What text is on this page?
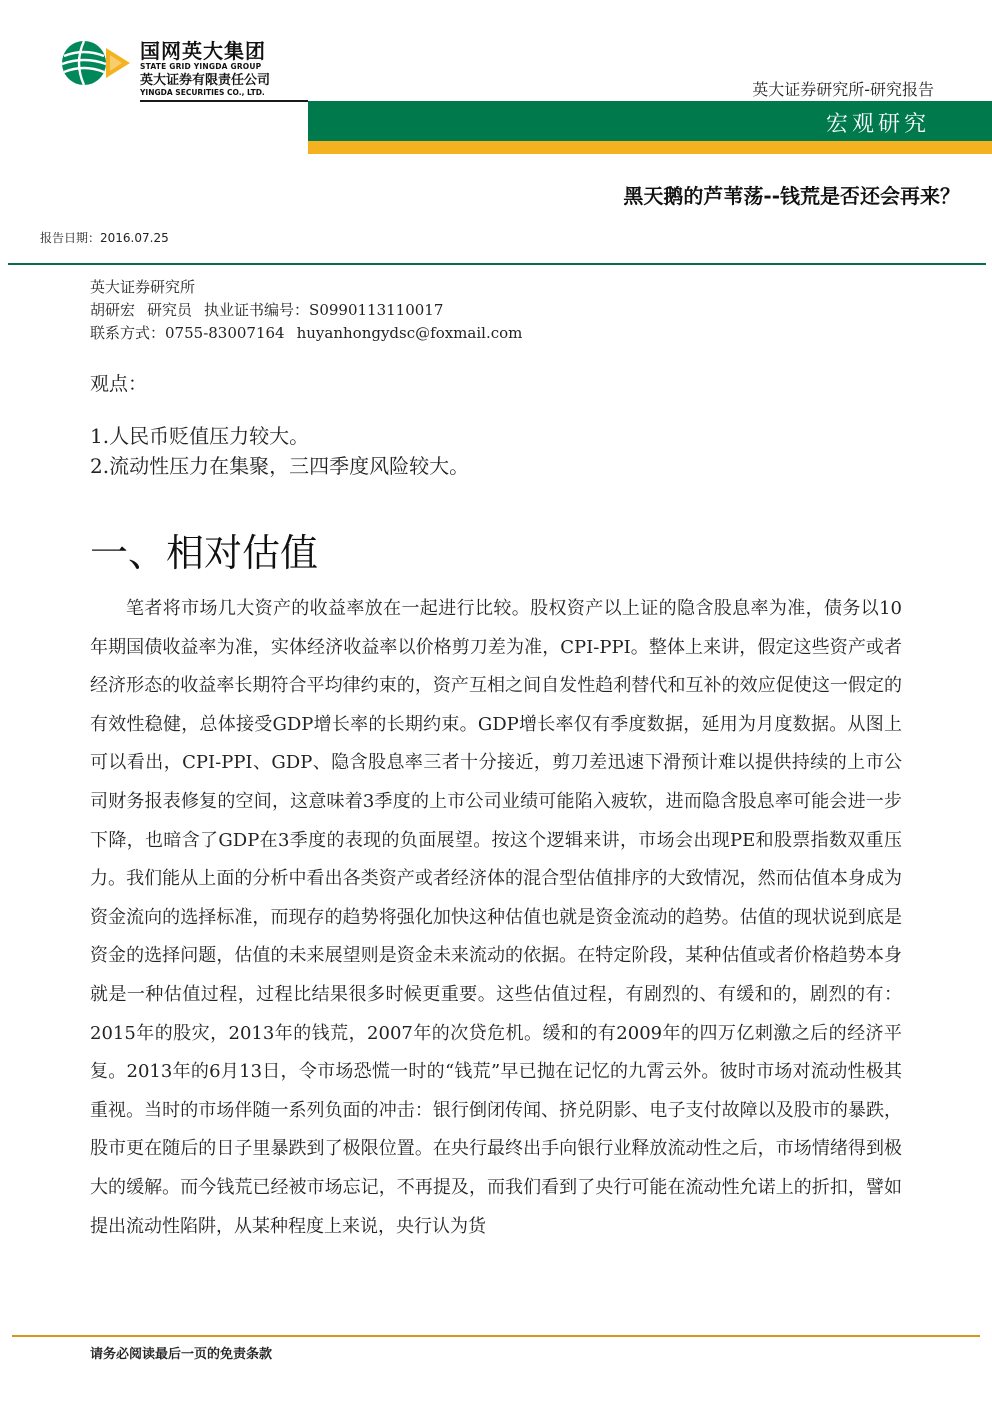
国网英大集团
STATE GRID YINGDA GROUP
英大证券有限责任公司
YINGDA SECURITIES CO., LTD.	英大证券研究所-研究报告
宏观研究
黑天鹅的芦苇荡--钱荒是否还会再来？
报告日期：2016.07.25
英大证券研究所
胡研宏 研究员 执业证书编号：S0990113110017
联系方式：0755-83007164 huyanhongydsc@foxmail.com
观点：
1.人民币贬值压力较大。
2.流动性压力在集聚，三四季度风险较大。
一、相对估值

笔者将市场几大资产的收益率放在一起进行比较。股权资产以上证的隐含股息率为准，债务以10年期国债收益率为准，实体经济收益率以价格剪刀差为准，CPI-PPI。整体上来讲，假定这些资产或者经济形态的收益率长期符合平均律约束的，资产互相之间自发性趋利替代和互补的效应促使这一假定的有效性稳健，总体接受GDP增长率的长期约束。GDP增长率仅有季度数据，延用为月度数据。从图上可以看出，CPI-PPI、GDP、隐含股息率三者十分接近，剪刀差迅速下滑预计难以提供持续的上市公司财务报表修复的空间，这意味着3季度的上市公司业绩可能陷入疲软，进而隐含股息率可能会进一步下降，也暗含了GDP在3季度的表现的负面展望。按这个逻辑来讲，市场会出现PE和股票指数双重压力。我们能从上面的分析中看出各类资产或者经济体的混合型估值排序的大致情况，然而估值本身成为资金流向的选择标准，而现存的趋势将强化加快这种估值也就是资金流动的趋势。估值的现状说到底是资金的选择问题，估值的未来展望则是资金未来流动的依据。在特定阶段，某种估值或者价格趋势本身就是一种估值过程，过程比结果很多时候更重要。这些估值过程，有剧烈的、有缓和的，剧烈的有：2015年的股灾，2013年的钱荒，2007年的次贷危机。缓和的有2009年的四万亿刺激之后的经济平复。2013年的6月13日，令市场恐慌一时的“钱荒”早已抛在记忆的九霄云外。彼时市场对流动性极其重视。当时的市场伴随一系列负面的冲击：银行倒闭传闻、挤兑阴影、电子支付故障以及股市的暴跌，股市更在随后的日子里暴跌到了极限位置。在央行最终出手向银行业释放流动性之后，市场情绪得到极大的缓解。而今钱荒已经被市场忘记，不再提及，而我们看到了央行可能在流动性允诺上的折扣，譬如提出流动性陷阱，从某种程度上来说，央行认为货

请务必阅读最后一页的免责条款
